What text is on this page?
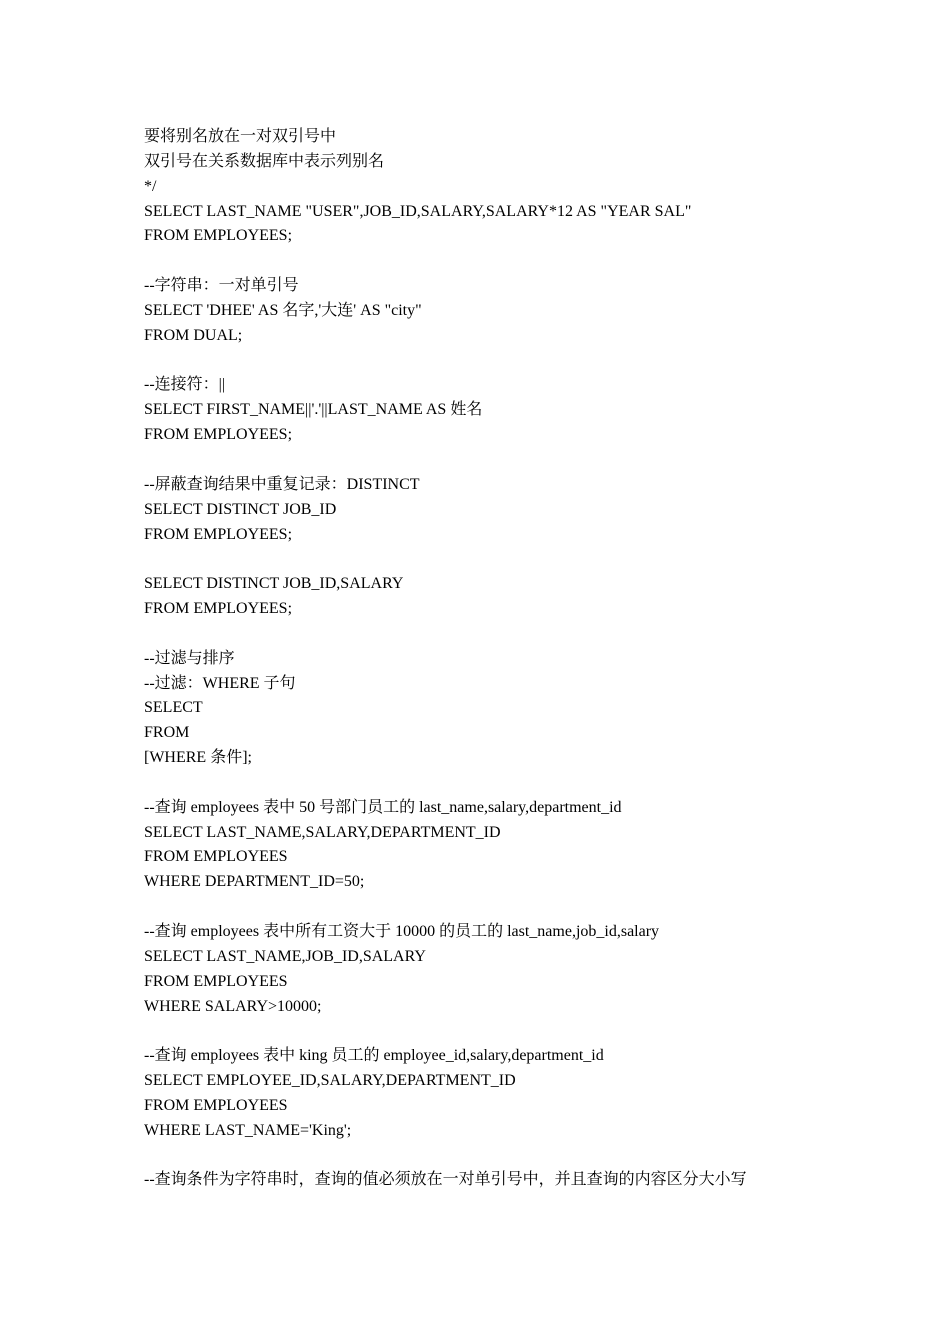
要将别名放在一对双引号中
双引号在关系数据库中表示列别名
*/
SELECT LAST_NAME "USER",JOB_ID,SALARY,SALARY*12 AS "YEAR SAL"
FROM EMPLOYEES;
--字符串：一对单引号
SELECT 'DHEE' AS 名字,'大连' AS "city"
FROM DUAL;
--连接符：||
SELECT FIRST_NAME||'.'||LAST_NAME AS 姓名
FROM EMPLOYEES;
--屏蔽查询结果中重复记录：DISTINCT
SELECT DISTINCT JOB_ID
FROM EMPLOYEES;
SELECT DISTINCT JOB_ID,SALARY
FROM EMPLOYEES;
--过滤与排序
--过滤：WHERE 子句
SELECT
FROM
[WHERE 条件];
--查询 employees 表中 50 号部门员工的 last_name,salary,department_id
SELECT LAST_NAME,SALARY,DEPARTMENT_ID
FROM EMPLOYEES
WHERE DEPARTMENT_ID=50;
--查询 employees 表中所有工资大于 10000 的员工的 last_name,job_id,salary
SELECT LAST_NAME,JOB_ID,SALARY
FROM EMPLOYEES
WHERE SALARY>10000;
--查询 employees 表中 king 员工的 employee_id,salary,department_id
SELECT EMPLOYEE_ID,SALARY,DEPARTMENT_ID
FROM EMPLOYEES
WHERE LAST_NAME='King';
--查询条件为字符串时，查询的值必须放在一对单引号中，并且查询的内容区分大小写
